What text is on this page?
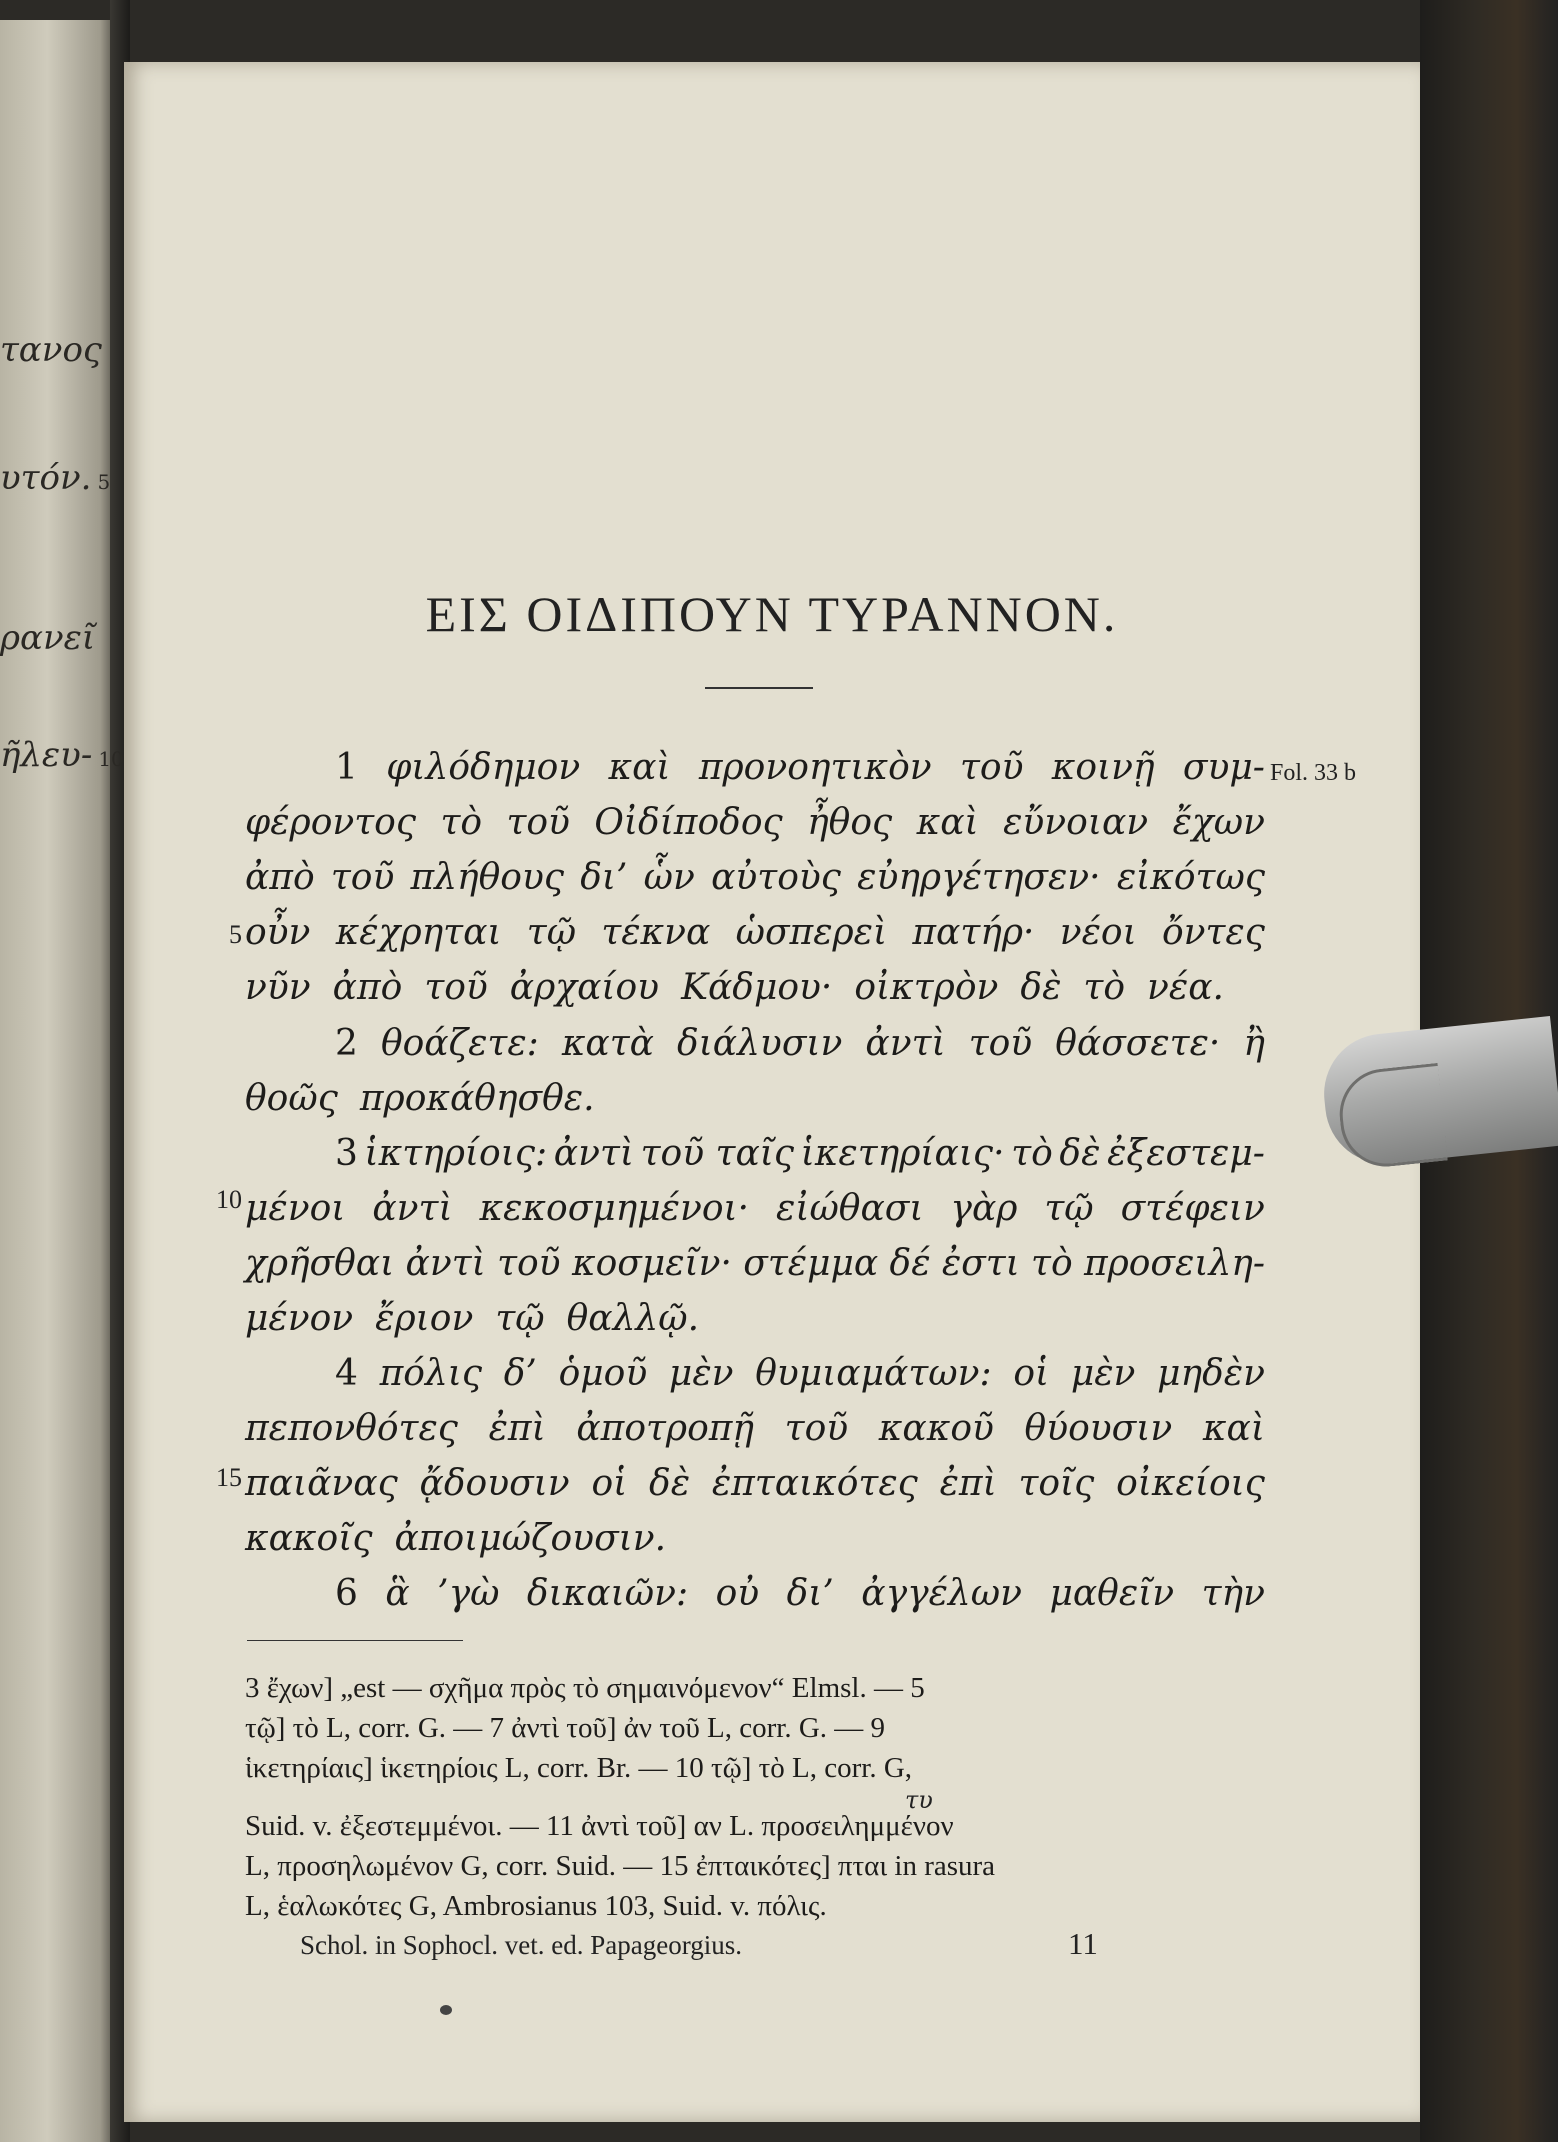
τανος
υτόν. 5
ρανεῖ
ῆλευ- 10
ΕΙΣ ΟΙΔΙΠΟΥΝ ΤΥΡΑΝΝΟΝ.
Fol. 33 b
5
10
15
1 φιλόδημον καὶ προνοητικὸν τοῦ κοινῇ συμ-
φέροντος τὸ τοῦ Οἰδίποδος ἦθος καὶ εὔνοιαν ἔχων
ἀπὸ τοῦ πλήθους δι’ ὧν αὐτοὺς εὐηργέτησεν· εἰκότως
οὖν κέχρηται τῷ τέκνα ὡσπερεὶ πατήρ· νέοι ὄντες
νῦν ἀπὸ τοῦ ἀρχαίου Κάδμου· οἰκτρὸν δὲ τὸ νέα.
2 θοάζετε: κατὰ διάλυσιν ἀντὶ τοῦ θάσσετε· ἢ
θοῶς προκάθησθε.
3 ἱκτηρίοις: ἀντὶ τοῦ ταῖς ἱκετηρίαις· τὸ δὲ ἐξεστεμ-
μένοι ἀντὶ κεκοσμημένοι· εἰώθασι γὰρ τῷ στέφειν
χρῆσθαι ἀντὶ τοῦ κοσμεῖν· στέμμα δέ ἐστι τὸ προσειλη-
μένον ἔριον τῷ θαλλῷ.
4 πόλις δ’ ὁμοῦ μὲν θυμιαμάτων: οἱ μὲν μηδὲν
πεπονθότες ἐπὶ ἀποτροπῇ τοῦ κακοῦ θύουσιν καὶ
παιᾶνας ᾄδουσιν οἱ δὲ ἐπταικότες ἐπὶ τοῖς οἰκείοις
κακοῖς ἀποιμώζουσιν.
6 ἃ ’γὼ δικαιῶν: οὐ δι’ ἀγγέλων μαθεῖν τὴν
3 ἔχων] „est — σχῆμα πρὸς τὸ σημαινόμενον“ Elmsl. — 5
τῷ] τὸ L, corr. G. — 7 ἀντὶ τοῦ] ἀν τοῦ L, corr. G. — 9
ἱκετηρίαις] ἱκετηρίοις L, corr. Br. — 10 τῷ] τὸ L, corr. G,
τυ
Suid. v. ἐξεστεμμένοι. — 11 ἀντὶ τοῦ] αν L. προσειλημμένον
L, προσηλωμένον G, corr. Suid. — 15 ἐπταικότες] πται in rasura
L, ἑαλωκότες G, Ambrosianus 103, Suid. v. πόλις.
Schol. in Sophocl. vet. ed. Papageorgius.	11
